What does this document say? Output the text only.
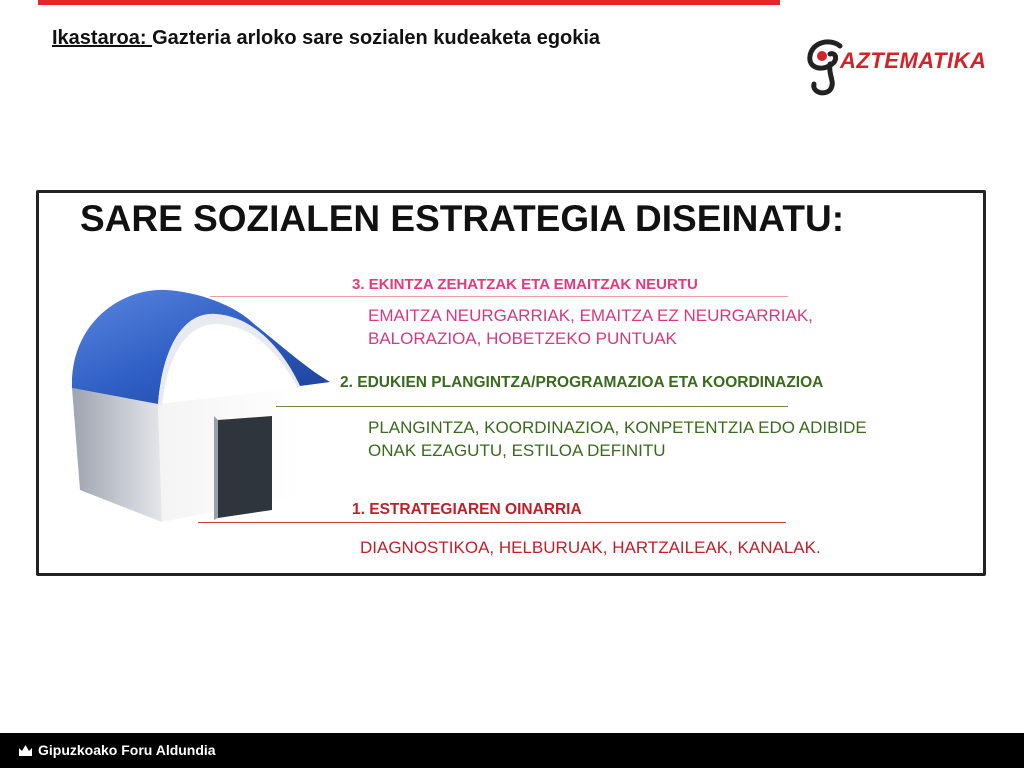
Ikastaroa: Gazteria arloko sare sozialen kudeaketa egokia
AZTEMATIKA
SARE SOZIALEN ESTRATEGIA DISEINATU:
3. EKINTZA ZEHATZAK ETA EMAITZAK NEURTU
EMAITZA NEURGARRIAK, EMAITZA EZ NEURGARRIAK, BALORAZIOA, HOBETZEKO PUNTUAK
2. EDUKIEN PLANGINTZA/PROGRAMAZIOA ETA KOORDINAZIOA
PLANGINTZA, KOORDINAZIOA, KONPETENTZIA EDO ADIBIDE ONAK EZAGUTU, ESTILOA DEFINITU
1. ESTRATEGIAREN OINARRIA
DIAGNOSTIKOA, HELBURUAK, HARTZAILEAK, KANALAK.
Gipuzkoako Foru Aldundia
